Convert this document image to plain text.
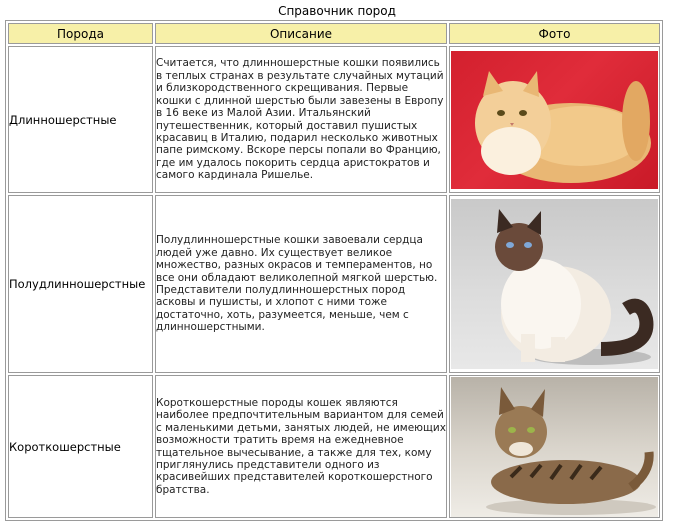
Справочник пород
Порода	Описание	Фото
Длинношерстные	Считается, что длинношерстные кошки появились в теплых странах в результате случайных мутаций и близкородственного скрещивания. Первые кошки с длинной шерстью были завезены в Европу в 16 веке из Малой Азии. Итальянский путешественник, который доставил пушистых красавиц в Италию, подарил несколько животных папе римскому. Вскоре персы попали во Францию, где им удалось покорить сердца аристократов и самого кардинала Ришелье.	

Полудлинношерстные	Полудлинношерстные кошки завоевали сердца людей уже давно. Их существует великое множество, разных окрасов и темпераментов, но все они обладают великолепной мягкой шерстью. Представители полудлинношерстных пород асковы и пушисты, и хлопот с ними тоже достаточно, хоть, разумеется, меньше, чем с длинношерстными.	

Короткошерстные	Короткошерстные породы кошек являются наиболее предпочтительным вариантом для семей с маленькими детьми, занятых людей, не имеющих возможности тратить время на ежедневное тщательное вычесывание, а также для тех, кому приглянулись представители одного из красивейших представителей короткошерстного братства.	
